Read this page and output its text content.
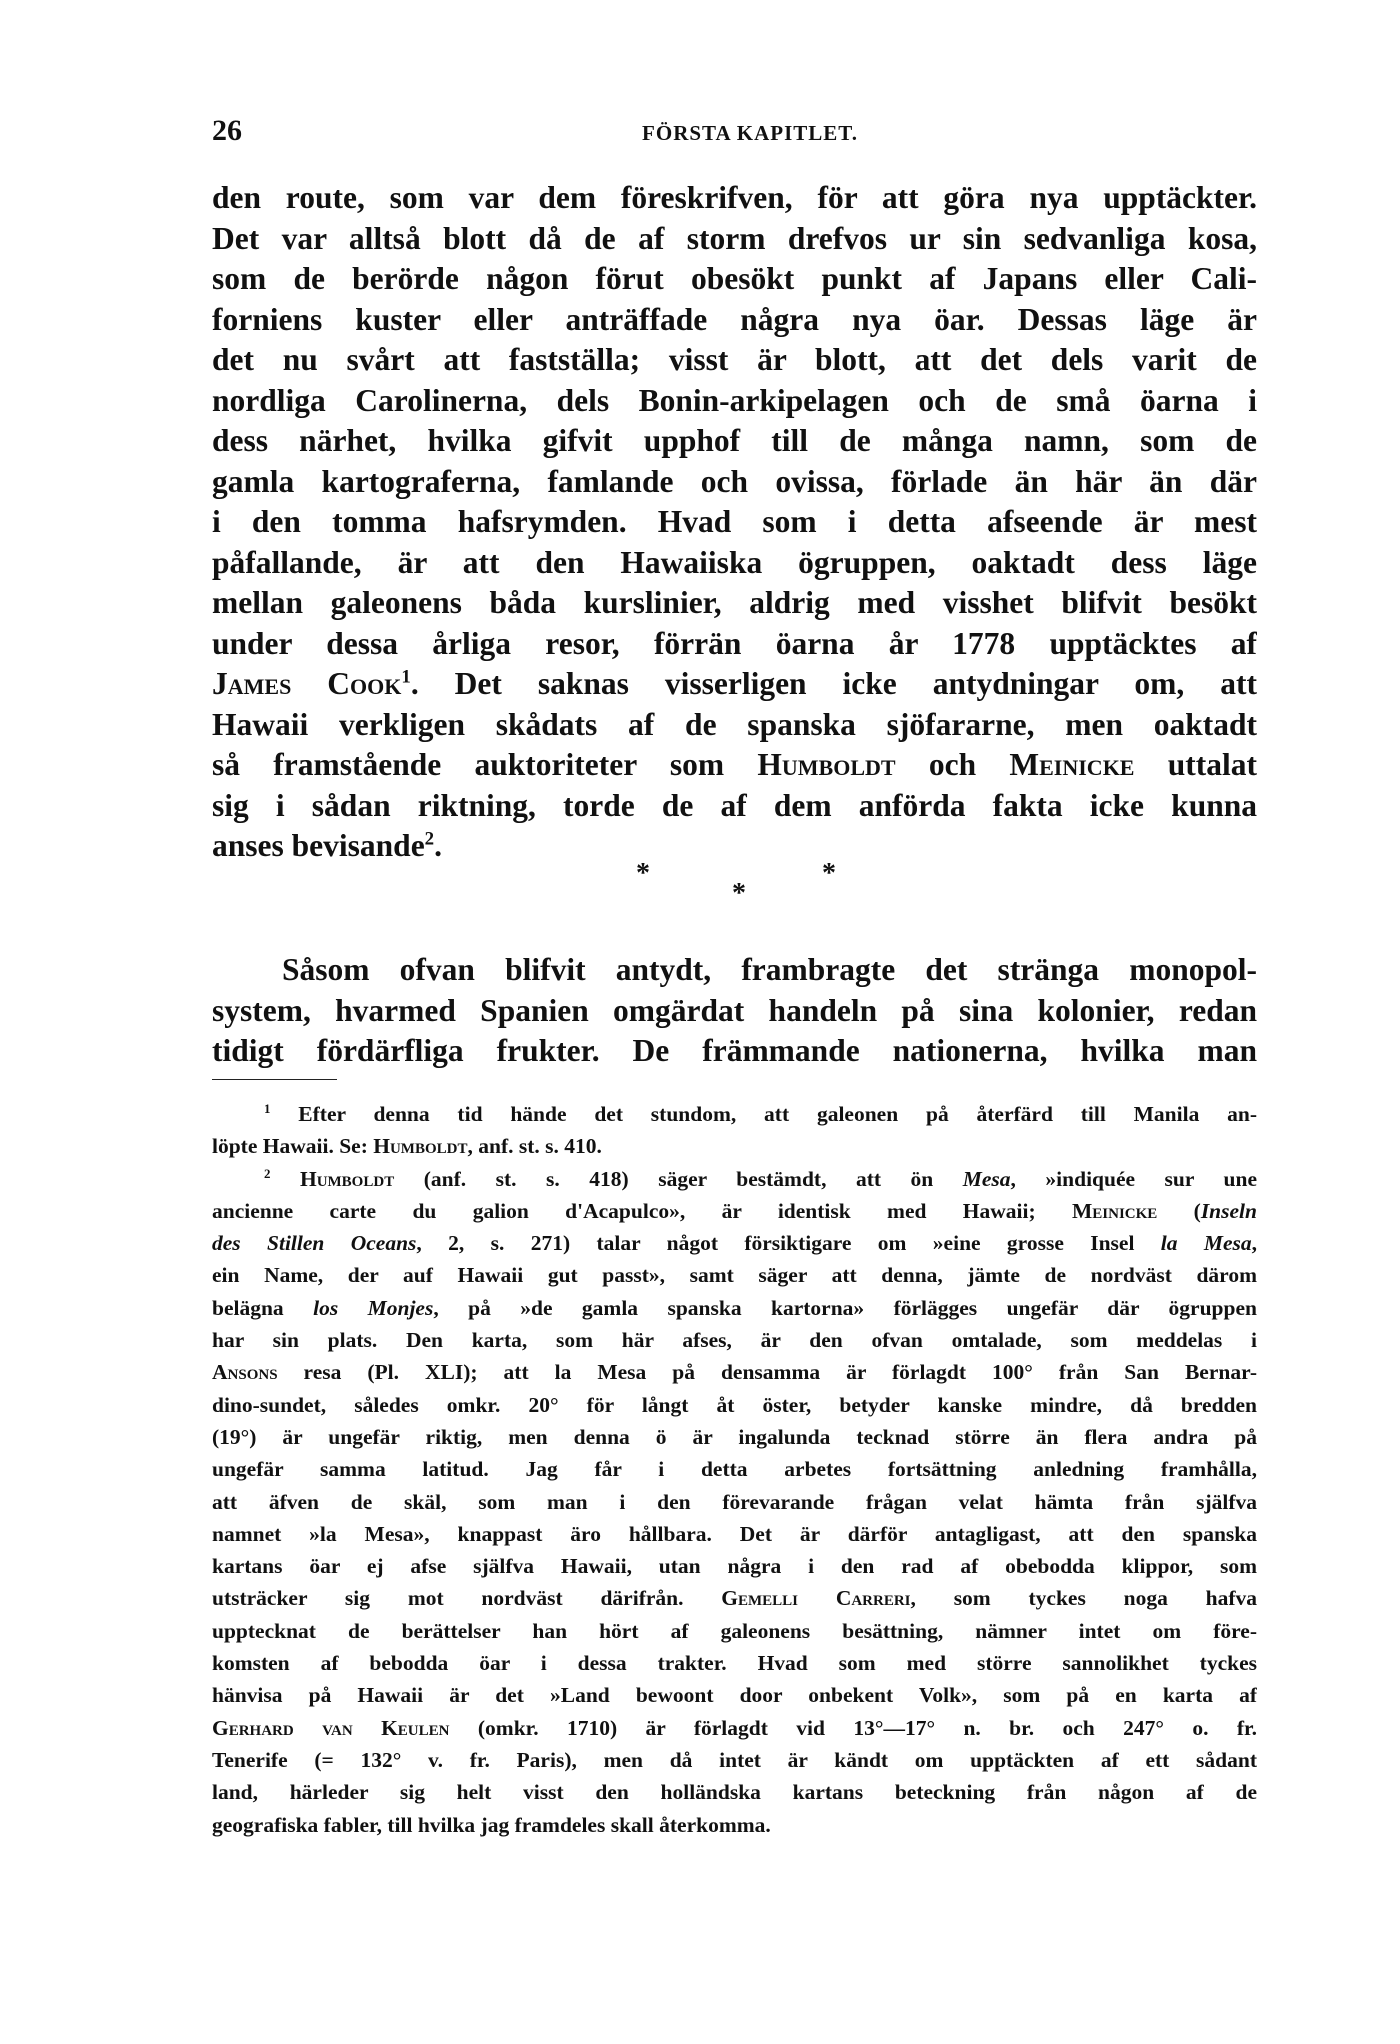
26	FÖRSTA KAPITLET.
den route, som var dem föreskrifven, för att göra nya upptäckter.
Det var alltså blott då de af storm drefvos ur sin sedvanliga kosa,
som de berörde någon förut obesökt punkt af Japans eller Cali-
forniens kuster eller anträffade några nya öar. Dessas läge är
det nu svårt att fastställa; visst är blott, att det dels varit de
nordliga Carolinerna, dels Bonin-arkipelagen och de små öarna i
dess närhet, hvilka gifvit upphof till de många namn, som de
gamla kartograferna, famlande och ovissa, förlade än här än där
i den tomma hafsrymden. Hvad som i detta afseende är mest
påfallande, är att den Hawaiiska ögruppen, oaktadt dess läge
mellan galeonens båda kurslinier, aldrig med visshet blifvit besökt
under dessa årliga resor, förrän öarna år 1778 upptäcktes af
James Cook$^1$. Det saknas visserligen icke antydningar om, att
Hawaii verkligen skådats af de spanska sjöfararne, men oaktadt
så framstående auktoriteter som Humboldt och Meinicke uttalat
sig i sådan riktning, torde de af dem anförda fakta icke kunna
anses bevisande$^2$.
*
*
*
Såsom ofvan blifvit antydt, frambragte det stränga monopol-
system, hvarmed Spanien omgärdat handeln på sina kolonier, redan
tidigt fördärfliga frukter. De främmande nationerna, hvilka man
$^1$ Efter denna tid hände det stundom, att galeonen på återfärd till Manila an-
löpte Hawaii. Se: Humboldt, anf. st. s. 410.
$^2$ Humboldt (anf. st. s. 418) säger bestämdt, att ön Mesa, »indiquée sur une
ancienne carte du galion d'Acapulco», är identisk med Hawaii; Meinicke (Inseln
des Stillen Oceans, 2, s. 271) talar något försiktigare om »eine grosse Insel la Mesa,
ein Name, der auf Hawaii gut passt», samt säger att denna, jämte de nordväst därom
belägna los Monjes, på »de gamla spanska kartorna» förlägges ungefär där ögruppen
har sin plats. Den karta, som här afses, är den ofvan omtalade, som meddelas i
Ansons resa (Pl. XLI); att la Mesa på densamma är förlagdt 100° från San Bernar-
dino-sundet, således omkr. 20° för långt åt öster, betyder kanske mindre, då bredden
(19°) är ungefär riktig, men denna ö är ingalunda tecknad större än flera andra på
ungefär samma latitud. Jag får i detta arbetes fortsättning anledning framhålla,
att äfven de skäl, som man i den förevarande frågan velat hämta från själfva
namnet »la Mesa», knappast äro hållbara. Det är därför antagligast, att den spanska
kartans öar ej afse själfva Hawaii, utan några i den rad af obebodda klippor, som
utsträcker sig mot nordväst därifrån. Gemelli Carreri, som tyckes noga hafva
upptecknat de berättelser han hört af galeonens besättning, nämner intet om före-
komsten af bebodda öar i dessa trakter. Hvad som med större sannolikhet tyckes
hänvisa på Hawaii är det »Land bewoont door onbekent Volk», som på en karta af
Gerhard van Keulen (omkr. 1710) är förlagdt vid 13°—17° n. br. och 247° o. fr.
Tenerife (= 132° v. fr. Paris), men då intet är kändt om upptäckten af ett sådant
land, härleder sig helt visst den holländska kartans beteckning från någon af de
geografiska fabler, till hvilka jag framdeles skall återkomma.
